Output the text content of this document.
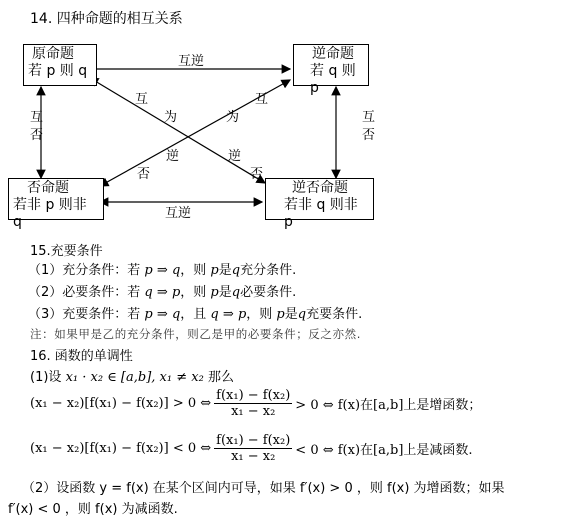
14. 四种命题的相互关系
原命题
若 p 则 q
逆命题
若 q 则 p
否命题
若非 p 则非 q
逆否命题
若非 q 则非 p
互逆
互逆
互
否
互
否
互
为
逆
否
互
为
逆
否
15.充要条件
（1）充分条件：若 p ⇒ q，则 p是q充分条件.
（2）必要条件：若 q ⇒ p，则 p是q必要条件.
（3）充要条件：若 p ⇒ q，且 q ⇒ p，则 p是q充要条件.
注：如果甲是乙的充分条件，则乙是甲的必要条件；反之亦然.
16. 函数的单调性
(1)设 x₁ · x₂ ∈ [a,b], x₁ ≠ x₂ 那么
(x₁ − x₂)[f(x₁) − f(x₂)] > 0 ⇔ $\frac{\text{f(x₁) − f(x₂)}}{\text{x₁ − x₂}} > 0$ ⇔ f(x)在[a,b]上是增函数；
(x₁ − x₂)[f(x₁) − f(x₂)] < 0 ⇔ $\frac{\text{f(x₁) − f(x₂)}}{\text{x₁ − x₂}} < 0$ ⇔ f(x)在[a,b]上是减函数.
（2）设函数 y = f(x) 在某个区间内可导，如果 f′(x) > 0 ，则 f(x) 为增函数；如果
f′(x) < 0 ，则 f(x) 为减函数.
